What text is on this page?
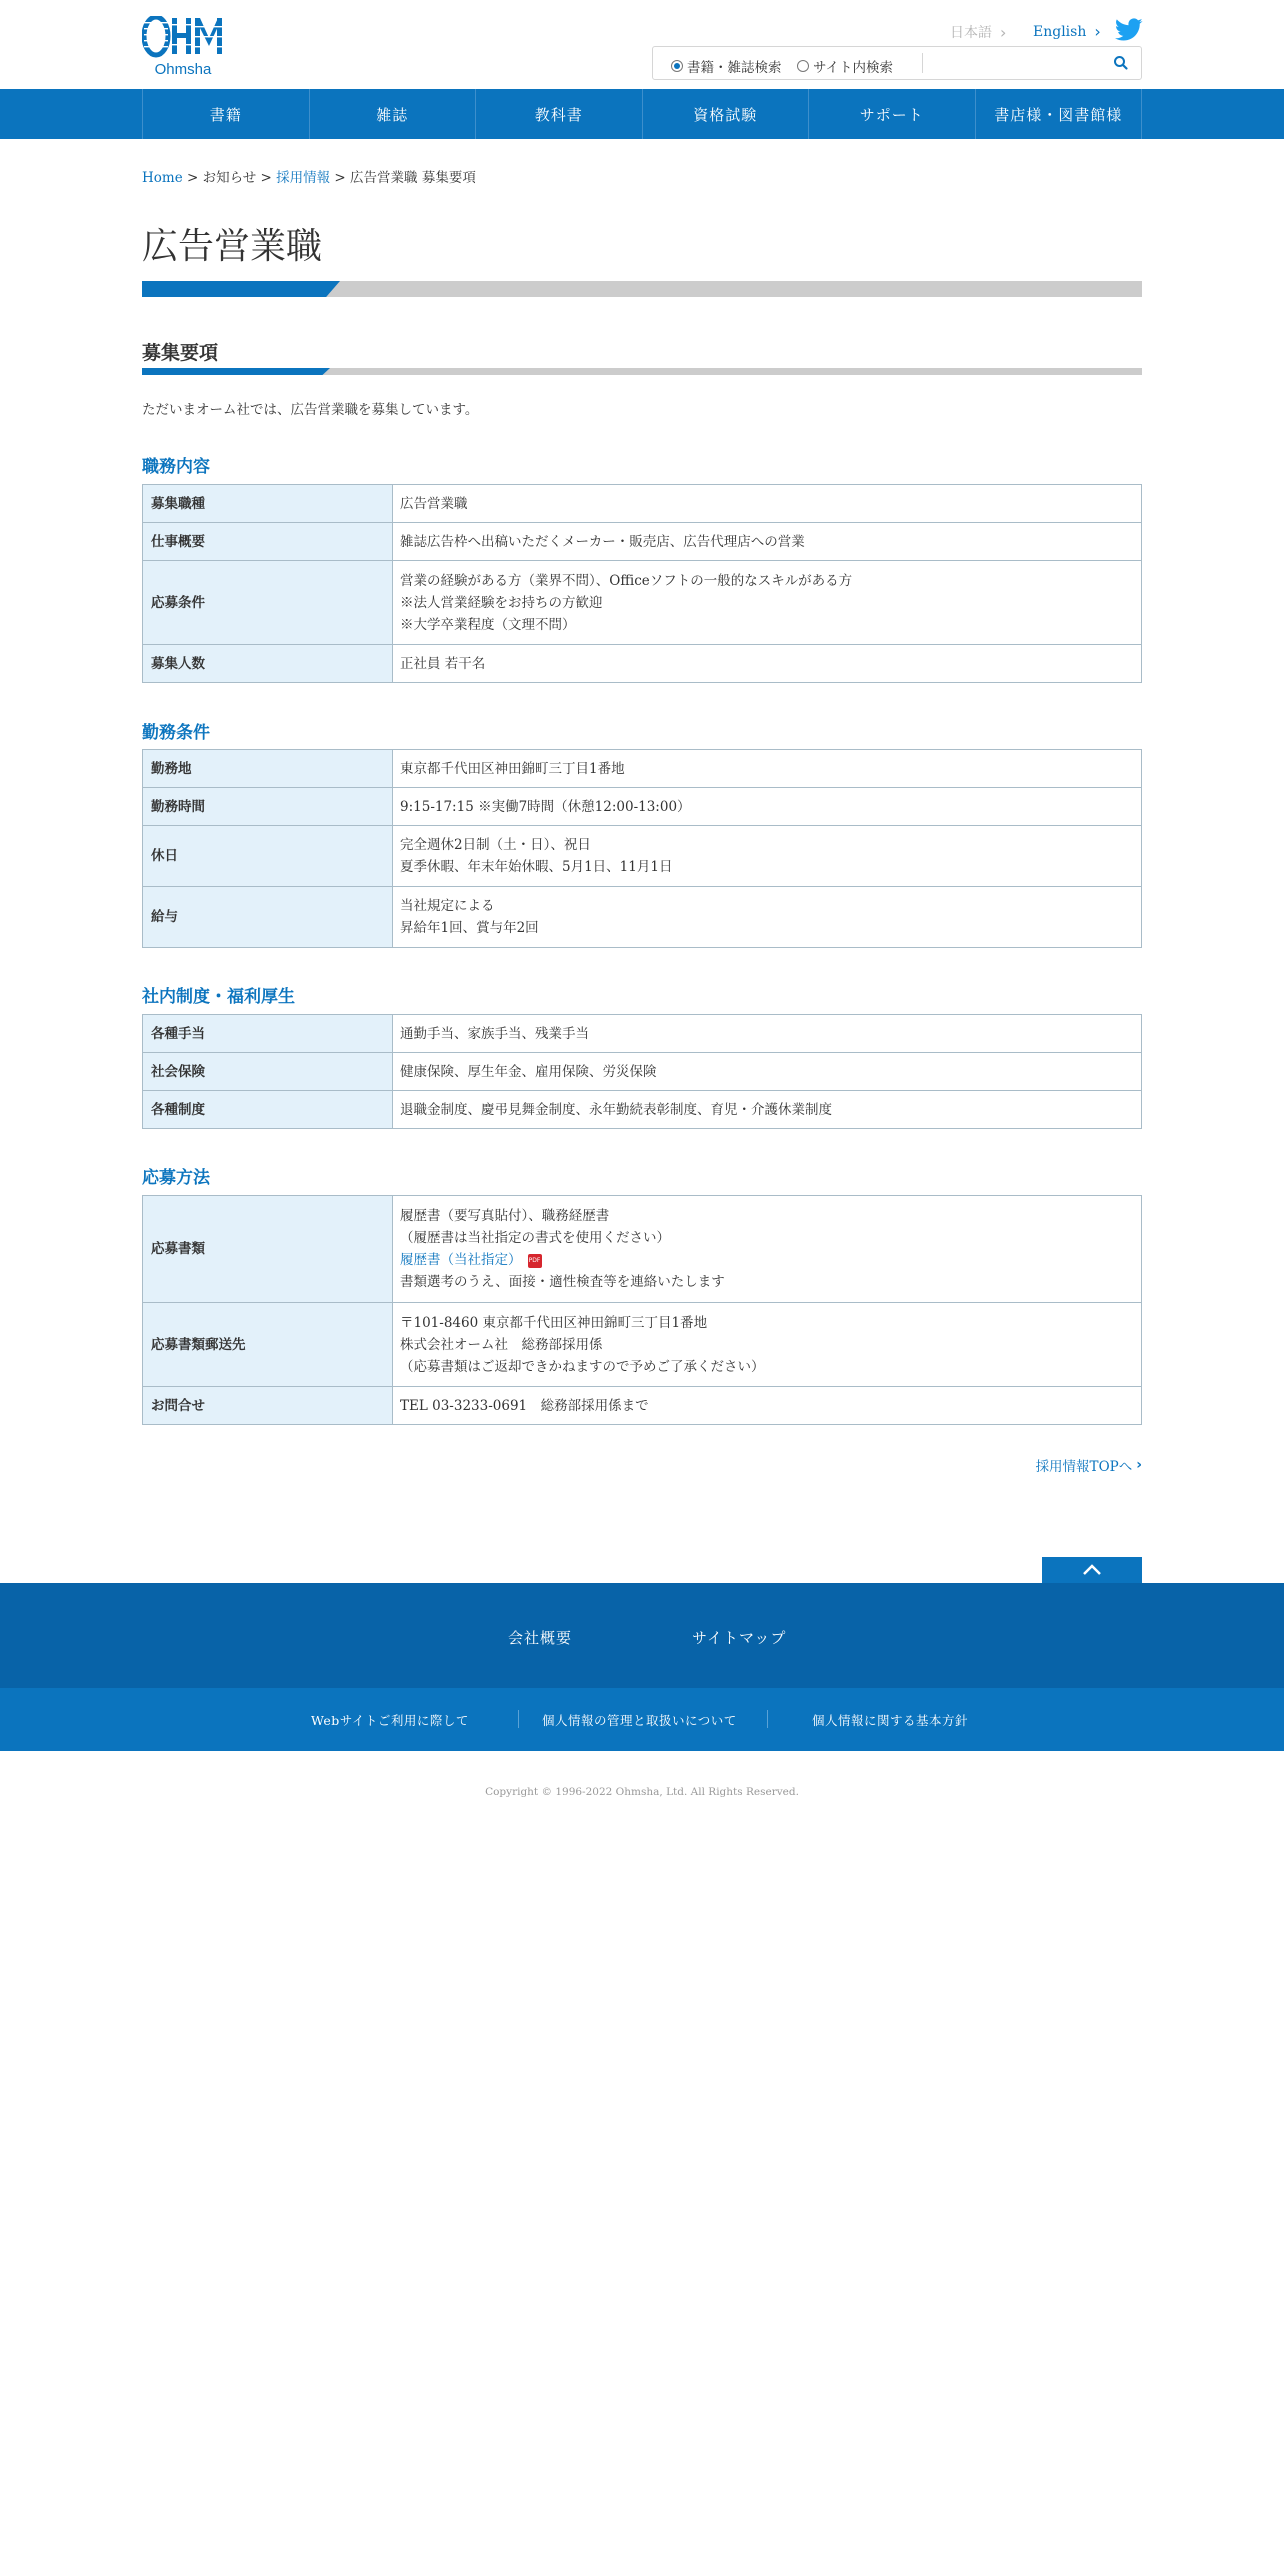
Ohmsha
日本語 › English ›
書籍・雑誌検索 サイト内検索
書籍	雑誌	教科書	資格試験	サポート	書店様・図書館様
Home > お知らせ > 採用情報 > 広告営業職 募集要項
広告営業職
募集要項

ただいまオーム社では、広告営業職を募集しています。

職務内容
募集職種	広告営業職

仕事概要	雑誌広告枠へ出稿いただくメーカー・販売店、広告代理店への営業

応募条件	営業の経験がある方（業界不問）、Officeソフトの一般的なスキルがある方
※法人営業経験をお持ちの方歓迎
※大学卒業程度（文理不問）

募集人数	正社員 若干名
勤務条件
勤務地	東京都千代田区神田錦町三丁目1番地

勤務時間	9:15-17:15 ※実働7時間（休憩12:00-13:00）

休日	完全週休2日制（土・日）、祝日
夏季休暇、年末年始休暇、5月1日、11月1日

給与	当社規定による
昇給年1回、賞与年2回
社内制度・福利厚生
各種手当	通勤手当、家族手当、残業手当

社会保険	健康保険、厚生年金、雇用保険、労災保険

各種制度	退職金制度、慶弔見舞金制度、永年勤続表彰制度、育児・介護休業制度
応募方法
応募書類	履歴書（要写真貼付）、職務経歴書
（履歴書は当社指定の書式を使用ください）
履歴書（当社指定） PDF
書類選考のうえ、面接・適性検査等を連絡いたします

応募書類郵送先	〒101-8460 東京都千代田区神田錦町三丁目1番地
株式会社オーム社　総務部採用係
（応募書類はご返却できかねますので予めご了承ください）

お問合せ	TEL 03-3233-0691　総務部採用係まで
採用情報TOPへ ›
会社概要	サイトマップ
Webサイトご利用に際して	個人情報の管理と取扱いについて	個人情報に関する基本方針
Copyright © 1996-2022 Ohmsha, Ltd. All Rights Reserved.
